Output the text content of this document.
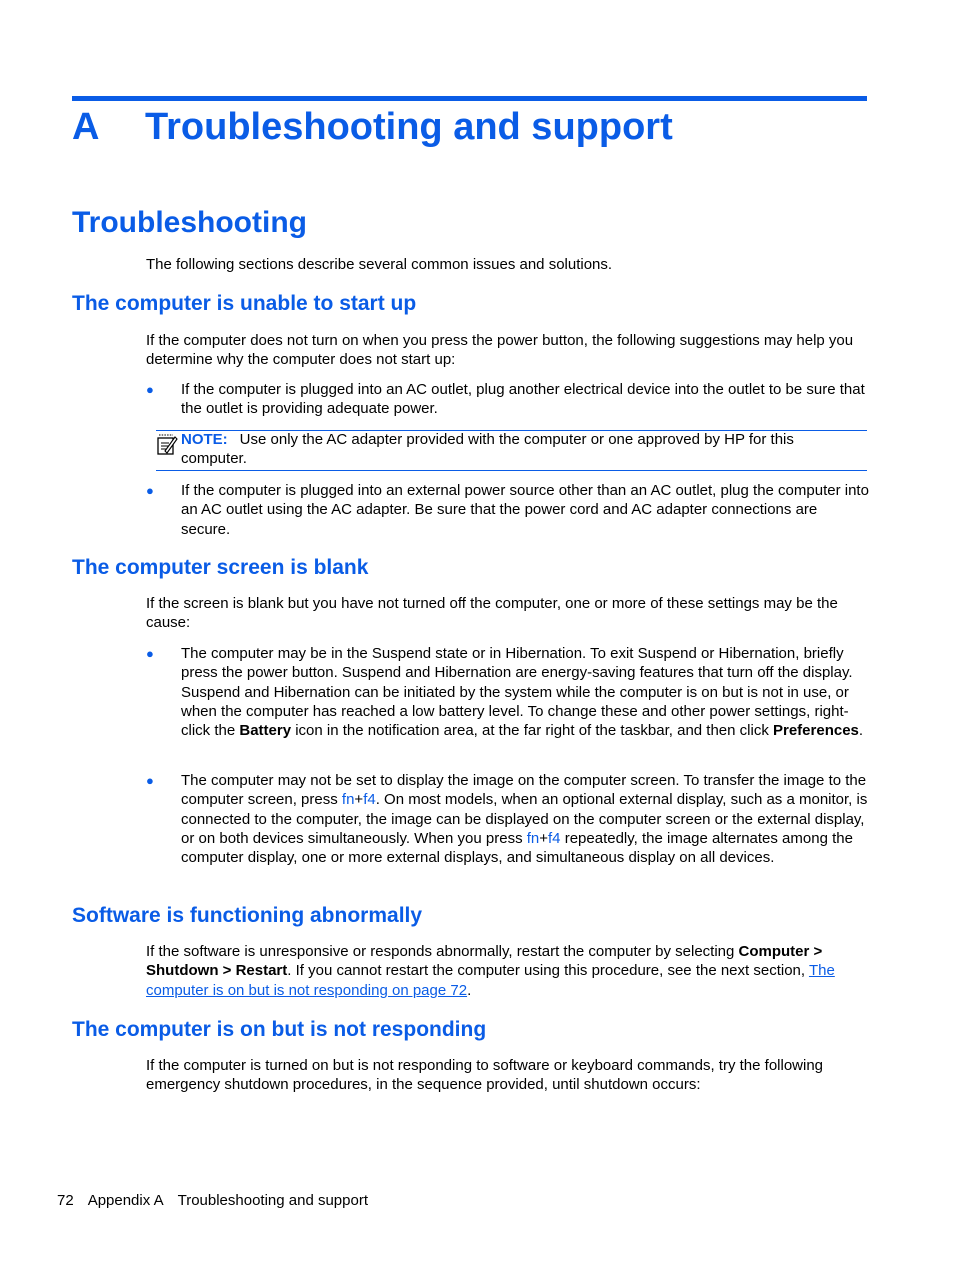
A Troubleshooting and support
Troubleshooting

The following sections describe several common issues and solutions.

The computer is unable to start up

If the computer does not turn on when you press the power button, the following suggestions may help you determine why the computer does not start up:

● If the computer is plugged into an AC outlet, plug another electrical device into the outlet to be sure that the outlet is providing adequate power.
NOTE: Use only the AC adapter provided with the computer or one approved by HP for this computer.
● If the computer is plugged into an external power source other than an AC outlet, plug the computer into an AC outlet using the AC adapter. Be sure that the power cord and AC adapter connections are secure.
The computer screen is blank

If the screen is blank but you have not turned off the computer, one or more of these settings may be the cause:

● The computer may be in the Suspend state or in Hibernation. To exit Suspend or Hibernation, briefly press the power button. Suspend and Hibernation are energy-saving features that turn off the display. Suspend and Hibernation can be initiated by the system while the computer is on but is not in use, or when the computer has reached a low battery level. To change these and other power settings, right-click the Battery icon in the notification area, at the far right of the taskbar, and then click Preferences.
● The computer may not be set to display the image on the computer screen. To transfer the image to the computer screen, press fn+f4. On most models, when an optional external display, such as a monitor, is connected to the computer, the image can be displayed on the computer screen or the external display, or on both devices simultaneously. When you press fn+f4 repeatedly, the image alternates among the computer display, one or more external displays, and simultaneous display on all devices.
Software is functioning abnormally

If the software is unresponsive or responds abnormally, restart the computer by selecting Computer > Shutdown > Restart. If you cannot restart the computer using this procedure, see the next section, The computer is on but is not responding on page 72.

The computer is on but is not responding

If the computer is turned on but is not responding to software or keyboard commands, try the following emergency shutdown procedures, in the sequence provided, until shutdown occurs:

72 Appendix A Troubleshooting and support
